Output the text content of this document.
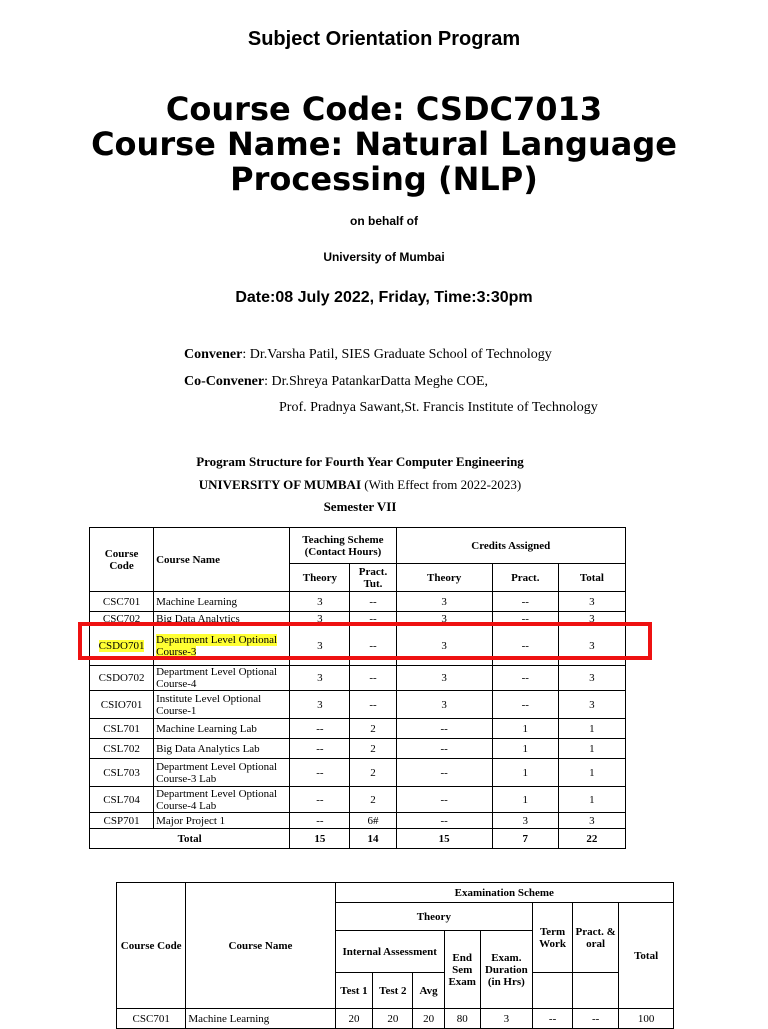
Subject Orientation Program
Course Code: CSDC7013
Course Name: Natural Language
Processing (NLP)
on behalf of
University of Mumbai
Date:08 July 2022, Friday, Time:3:30pm
Convener: Dr.Varsha Patil, SIES Graduate School of Technology
Co-Convener: Dr.Shreya PatankarDatta Meghe COE,
Prof. Pradnya Sawant,St. Francis Institute of Technology
Program Structure for Fourth Year Computer Engineering
UNIVERSITY OF MUMBAI (With Effect from 2022-2023)
Semester VII
Course Code	Course Name	Teaching Scheme (Contact Hours)		Credits Assigned		
		Theory	Pract. Tut.	Theory	Pract.	Total
CSC701	Machine Learning	3	--	3	--	3
CSC702	Big Data Analytics	3	--	3	--	3
CSDO701	Department Level Optional Course-3	3	--	3	--	3
CSDO702	Department Level Optional Course-4	3	--	3	--	3
CSIO701	Institute Level Optional Course-1	3	--	3	--	3
CSL701	Machine Learning Lab	--	2	--	1	1
CSL702	Big Data Analytics Lab	--	2	--	1	1
CSL703	Department Level Optional Course-3 Lab	--	2	--	1	1
CSL704	Department Level Optional Course-4 Lab	--	2	--	1	1
CSP701	Major Project 1	--	6#	--	3	3
Total		15	14	15	7	22
Course Code	Course Name	Examination Scheme							
		Theory					Term Work	Pract. & oral	Total
		Internal Assessment			End Sem Exam	Exam. Duration (in Hrs)			
		Test 1	Test 2	Avg					
CSC701	Machine Learning	20	20	20	80	3	--	--	100
